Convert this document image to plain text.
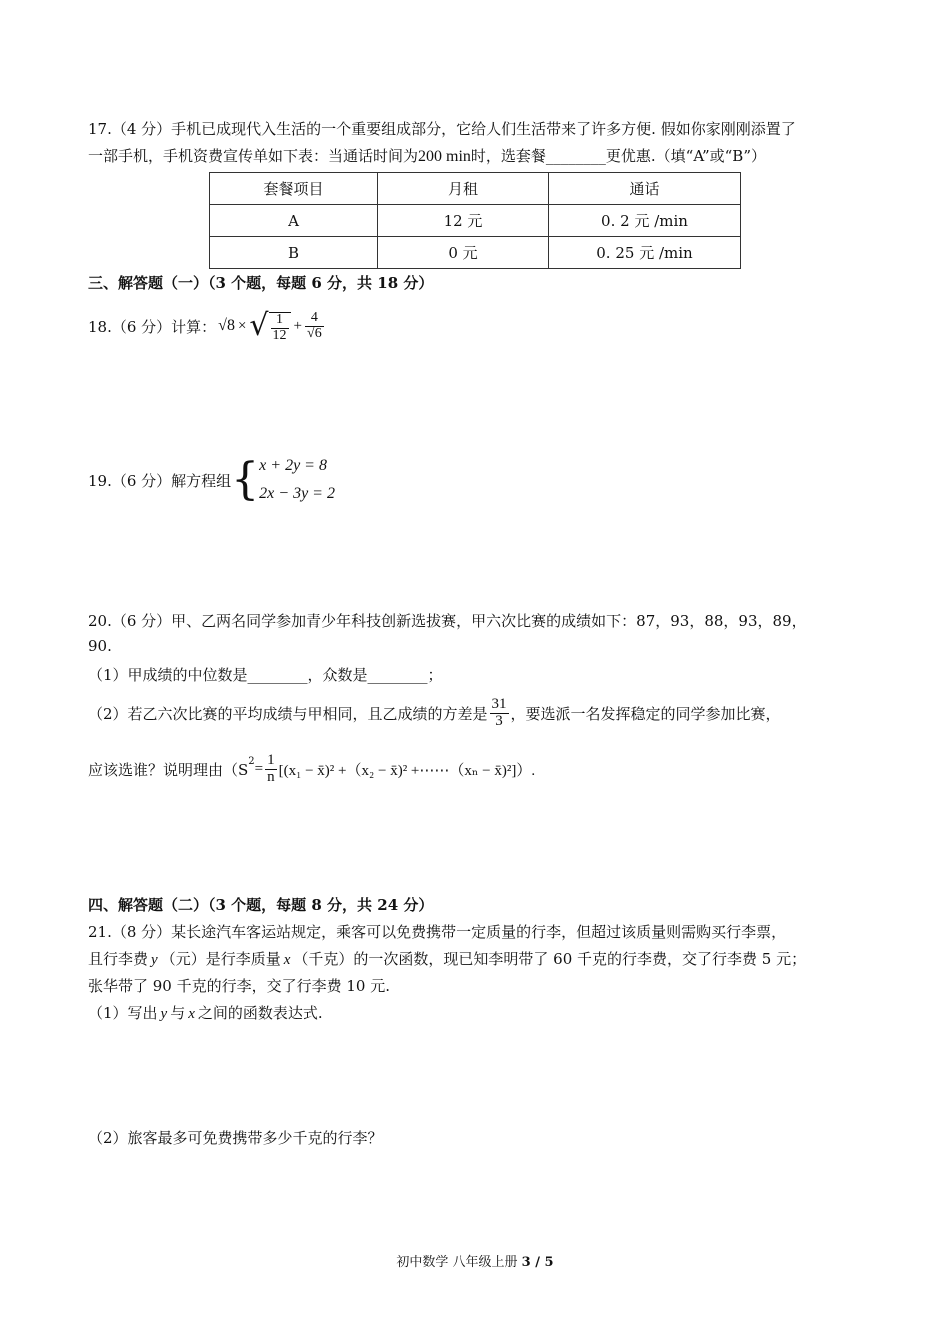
17.（4 分）手机已成现代入生活的一个重要组成部分，它给人们生活带来了许多方便. 假如你家刚刚添置了
一部手机，手机资费宣传单如下表：当通话时间为200 min时，选套餐________更优惠.（填“A”或“B”）
套餐项目	月租	通话
A	12 元	0. 2 元 /min
B	0 元	0. 25 元 /min
三、解答题（一）（3 个题，每题 6 分，共 18 分）
18.（6 分）计算： √8 × √ $\frac{1}{12} + \frac{4}{√6}$
19.（6 分）解方程组 { x + 2y = 8
2x − 3y = 2
20.（6 分）甲、乙两名同学参加青少年科技创新选拔赛，甲六次比赛的成绩如下：87，93，88，93，89，
90.
（1）甲成绩的中位数是________，众数是________；
（2）若乙六次比赛的平均成绩与甲相同，且乙成绩的方差是 $\frac{31}{3}$ ，要选派一名发挥稳定的同学参加比赛，
应该选谁？说明理由（$S^2 = \frac{1}{n} [(x_1$ − x̄)² +（x₂ − x̄)² +⋯⋯（xₙ − x̄)²]）.
四、解答题（二）（3 个题，每题 8 分，共 24 分）
21.（8 分）某长途汽车客运站规定，乘客可以免费携带一定质量的行李，但超过该质量则需购买行李票，
且行李费 y （元）是行李质量 x （千克）的一次函数，现已知李明带了 60 千克的行李费，交了行李费 5 元；
张华带了 90 千克的行李，交了行李费 10 元.
（1）写出 y 与 x 之间的函数表达式.
（2）旅客最多可免费携带多少千克的行李？
初中数学 八年级上册 3 / 5
